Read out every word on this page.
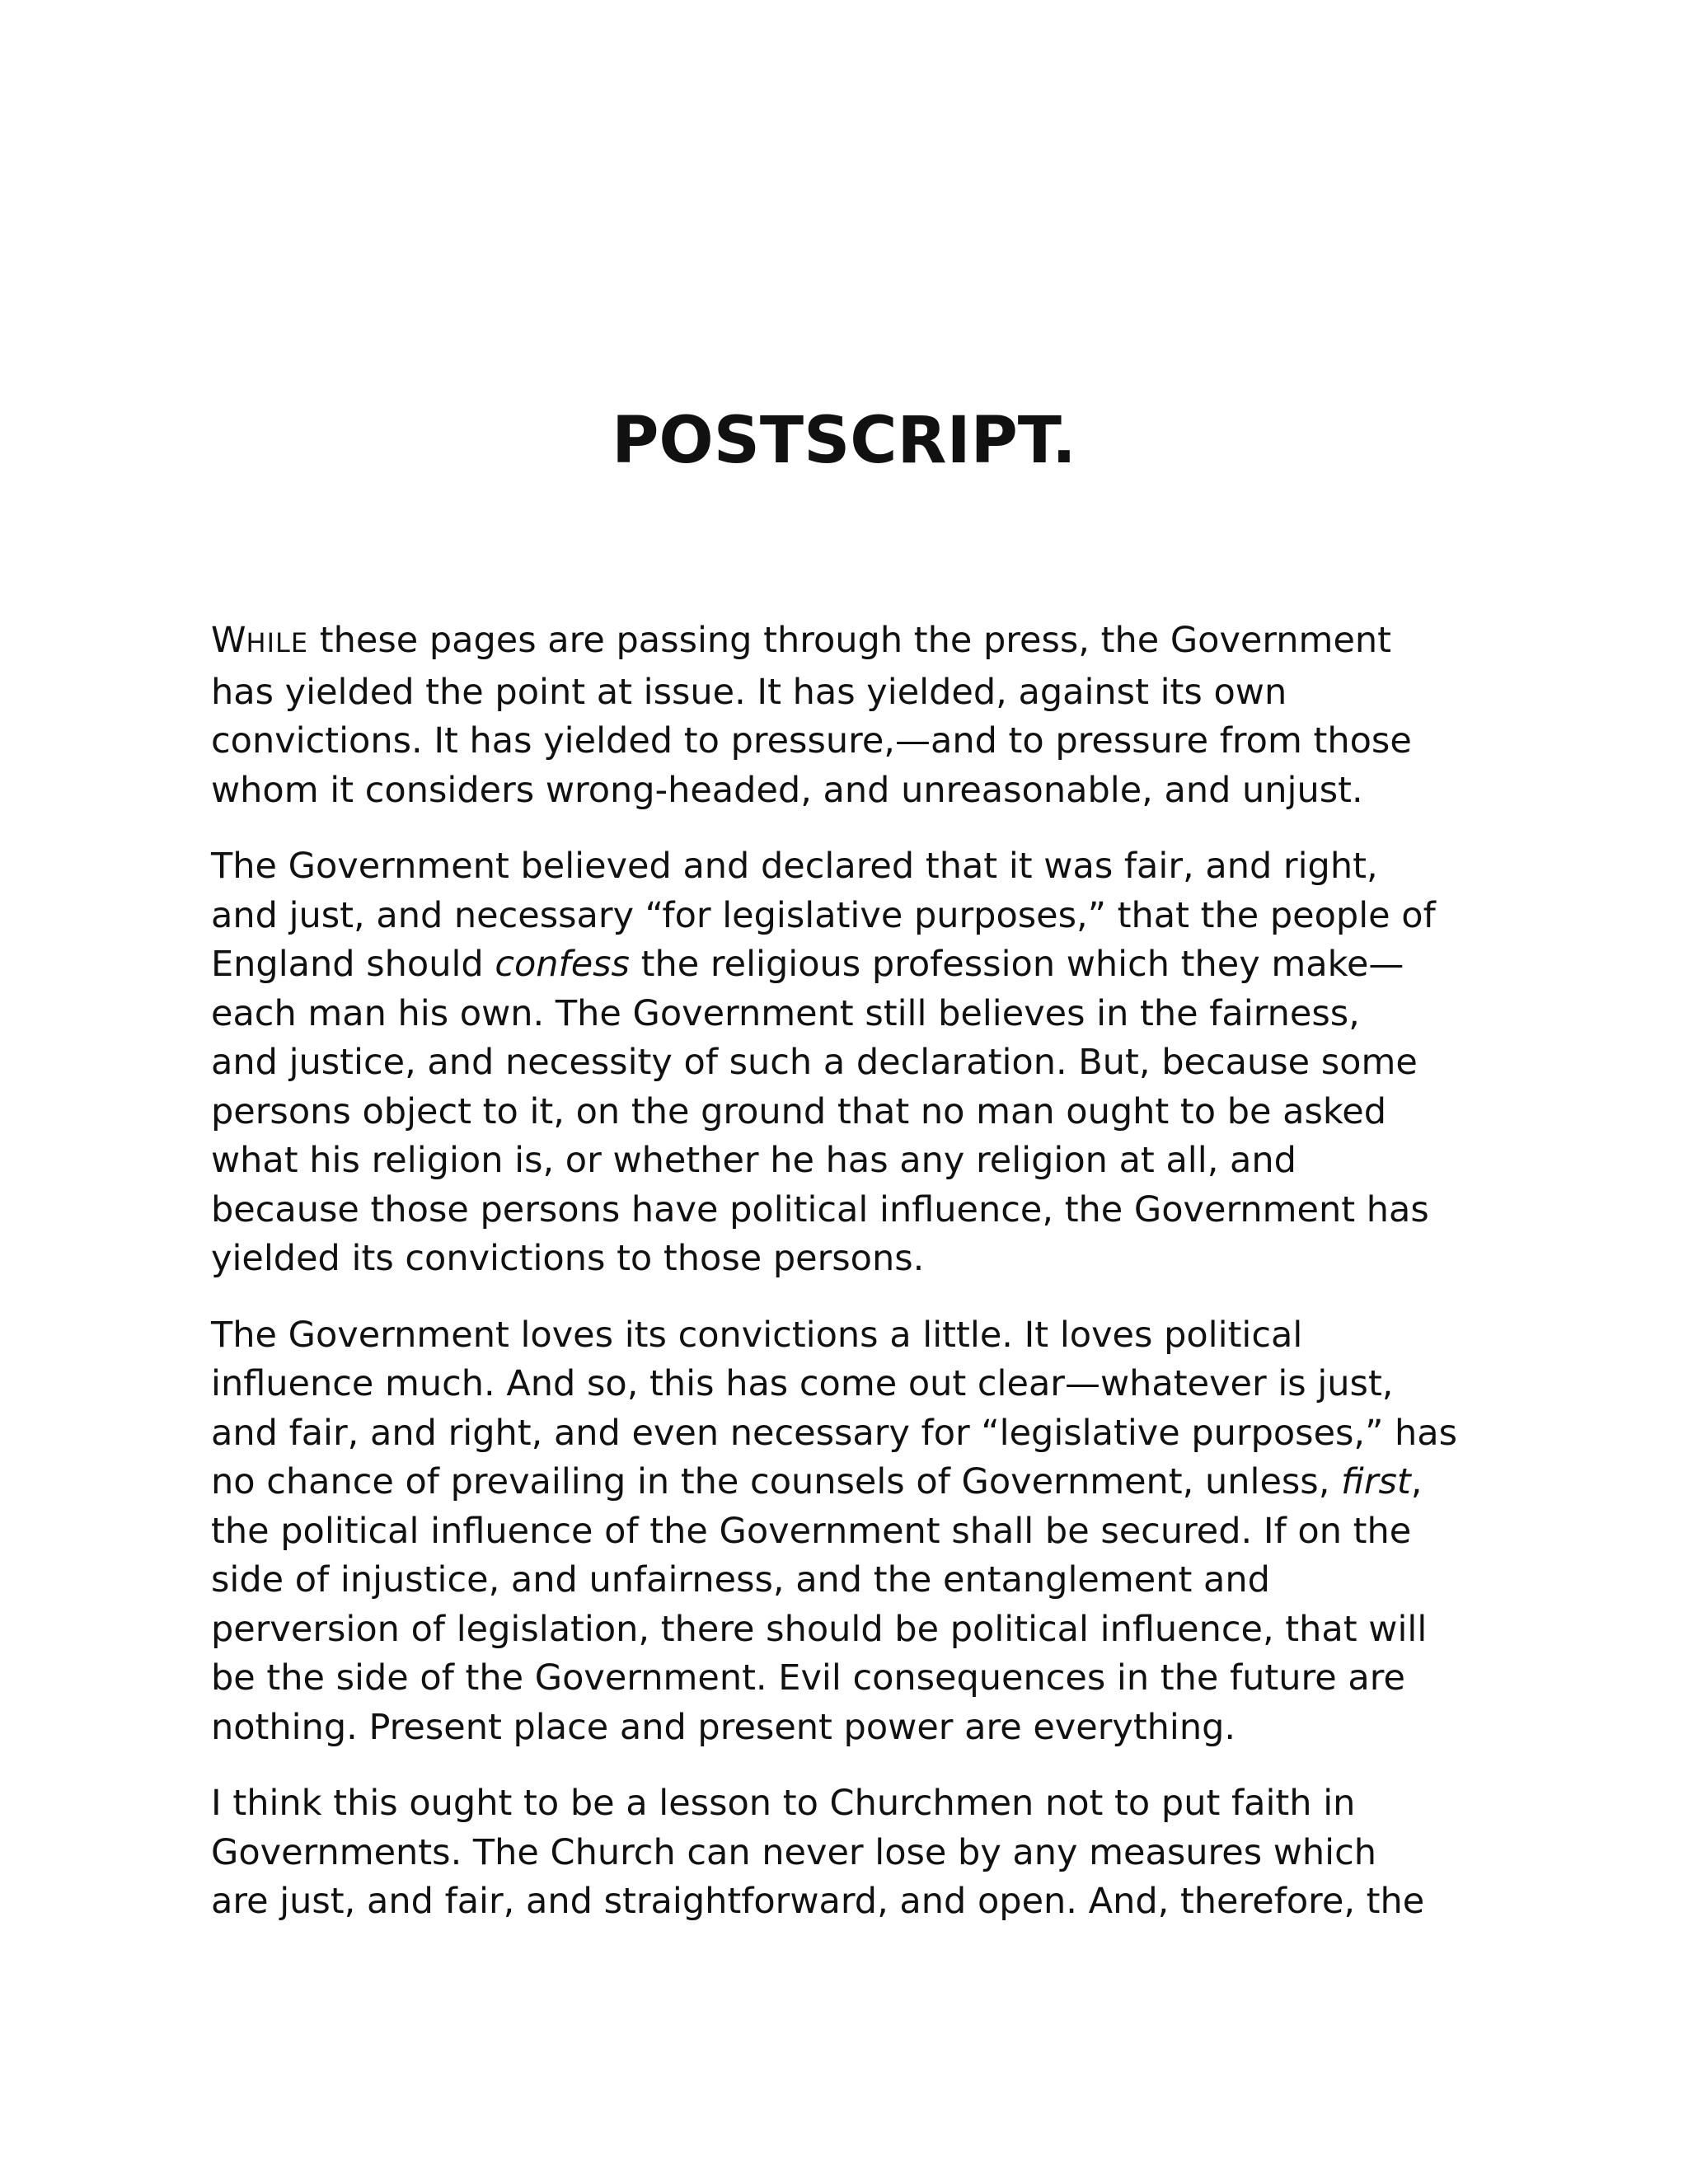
POSTSCRIPT.

WHILE these pages are passing through the press, the Government
has yielded the point at issue. It has yielded, against its own
convictions. It has yielded to pressure,—and to pressure from those
whom it considers wrong-headed, and unreasonable, and unjust.

The Government believed and declared that it was fair, and right,
and just, and necessary “for legislative purposes,” that the people of
England should confess the religious profession which they make—
each man his own. The Government still believes in the fairness,
and justice, and necessity of such a declaration. But, because some
persons object to it, on the ground that no man ought to be asked
what his religion is, or whether he has any religion at all, and
because those persons have political influence, the Government has
yielded its convictions to those persons.

The Government loves its convictions a little. It loves political
influence much. And so, this has come out clear—whatever is just,
and fair, and right, and even necessary for “legislative purposes,” has
no chance of prevailing in the counsels of Government, unless, first,
the political influence of the Government shall be secured. If on the
side of injustice, and unfairness, and the entanglement and
perversion of legislation, there should be political influence, that will
be the side of the Government. Evil consequences in the future are
nothing. Present place and present power are everything.

I think this ought to be a lesson to Churchmen not to put faith in
Governments. The Church can never lose by any measures which
are just, and fair, and straightforward, and open. And, therefore, the
